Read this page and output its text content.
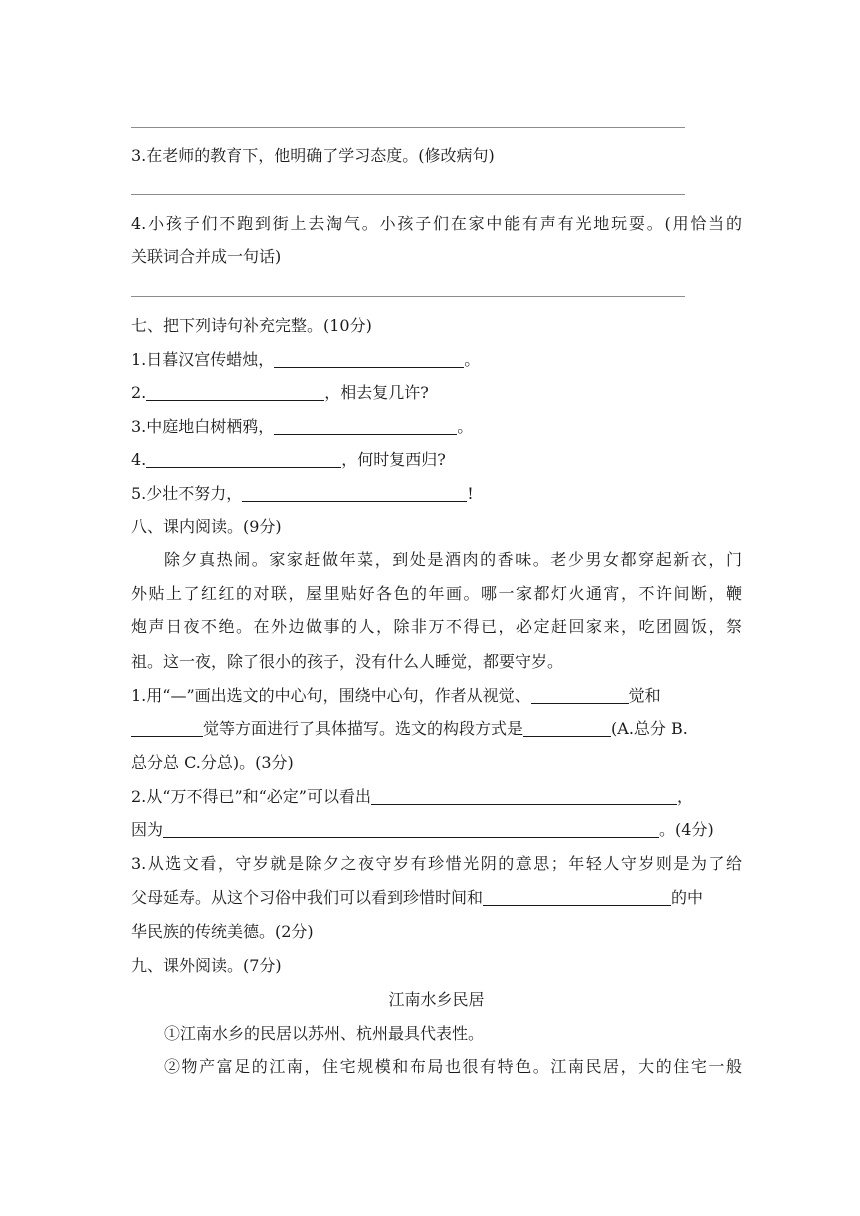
3.在老师的教育下，他明确了学习态度。(修改病句)
4.小孩子们不跑到街上去淘气。小孩子们在家中能有声有光地玩耍。(用恰当的
关联词合并成一句话)
七、把下列诗句补充完整。(10分)
1.日暮汉宫传蜡烛，	。
2.	，相去复几许?
3.中庭地白树栖鸦，	。
4.	，何时复西归?
5.少壮不努力，	!
八、课内阅读。(9分)
除夕真热闹。家家赶做年菜，到处是酒肉的香味。老少男女都穿起新衣，门
外贴上了红红的对联，屋里贴好各色的年画。哪一家都灯火通宵，不许间断，鞭
炮声日夜不绝。在外边做事的人，除非万不得已，必定赶回家来，吃团圆饭，祭
祖。这一夜，除了很小的孩子，没有什么人睡觉，都要守岁。
1.用“—”画出选文的中心句，围绕中心句，作者从视觉、	觉和
觉等方面进行了具体描写。选文的构段方式是	(A.总分 B.
总分总 C.分总)。(3分)
2.从“万不得已”和“必定”可以看出	，
因为	。(4分)
3.从选文看，守岁就是除夕之夜守岁有珍惜光阴的意思；年轻人守岁则是为了给
父母延寿。从这个习俗中我们可以看到珍惜时间和	的中
华民族的传统美德。(2分)
九、课外阅读。(7分)
江南水乡民居
①江南水乡的民居以苏州、杭州最具代表性。
②物产富足的江南，住宅规模和布局也很有特色。江南民居，大的住宅一般
